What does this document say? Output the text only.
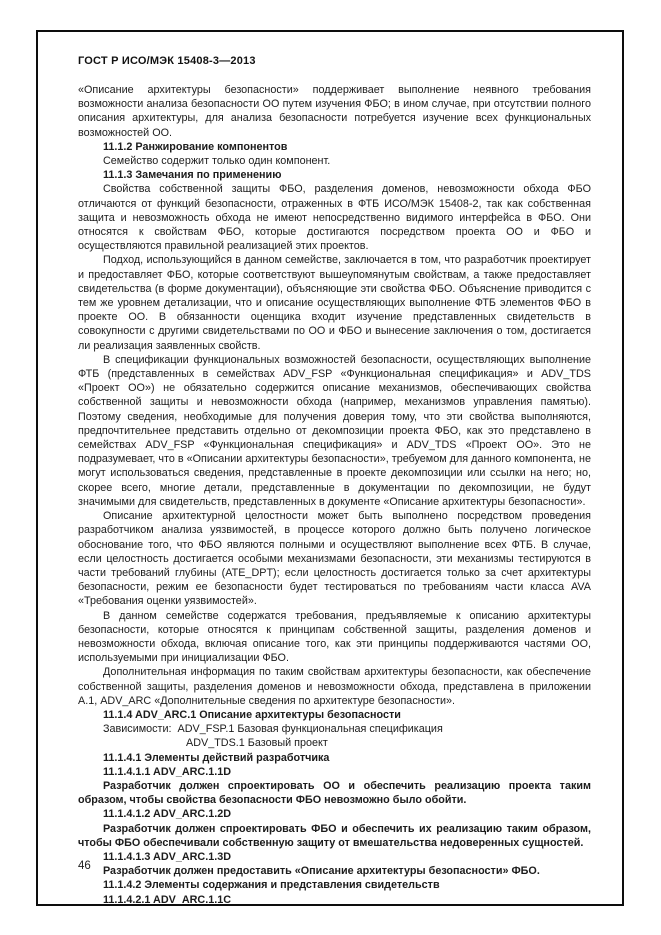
ГОСТ Р ИСО/МЭК 15408-3—2013

«Описание архитектуры безопасности» поддерживает выполнение неявного требования возможности анализа безопасности ОО путем изучения ФБО; в ином случае, при отсутствии полного описания архитектуры, для анализа безопасности потребуется изучение всех функциональных возможностей ОО.

11.1.2 Ранжирование компонентов

Семейство содержит только один компонент.

11.1.3 Замечания по применению

Свойства собственной защиты ФБО, разделения доменов, невозможности обхода ФБО отличаются от функций безопасности, отраженных в ФТБ ИСО/МЭК 15408-2, так как собственная защита и невозможность обхода не имеют непосредственно видимого интерфейса в ФБО. Они относятся к свойствам ФБО, которые достигаются посредством проекта ОО и ФБО и осуществляются правильной реализацией этих проектов.

Подход, использующийся в данном семействе, заключается в том, что разработчик проектирует и предоставляет ФБО, которые соответствуют вышеупомянутым свойствам, а также предоставляет свидетельства (в форме документации), объясняющие эти свойства ФБО. Объяснение приводится с тем же уровнем детализации, что и описание осуществляющих выполнение ФТБ элементов ФБО в проекте ОО. В обязанности оценщика входит изучение представленных свидетельств в совокупности с другими свидетельствами по ОО и ФБО и вынесение заключения о том, достигается ли реализация заявленных свойств.

В спецификации функциональных возможностей безопасности, осуществляющих выполнение ФТБ (представленных в семействах ADV_FSP «Функциональная спецификация» и ADV_TDS «Проект ОО») не обязательно содержится описание механизмов, обеспечивающих свойства собственной защиты и невозможности обхода (например, механизмов управления памятью). Поэтому сведения, необходимые для получения доверия тому, что эти свойства выполняются, предпочтительнее представить отдельно от декомпозиции проекта ФБО, как это представлено в семействах ADV_FSP «Функциональная спецификация» и ADV_TDS «Проект ОО». Это не подразумевает, что в «Описании архитектуры безопасности», требуемом для данного компонента, не могут использоваться сведения, представленные в проекте декомпозиции или ссылки на него; но, скорее всего, многие детали, представленные в документации по декомпозиции, не будут значимыми для свидетельств, представленных в документе «Описание архитектуры безопасности».

Описание архитектурной целостности может быть выполнено посредством проведения разработчиком анализа уязвимостей, в процессе которого должно быть получено логическое обоснование того, что ФБО являются полными и осуществляют выполнение всех ФТБ. В случае, если целостность достигается особыми механизмами безопасности, эти механизмы тестируются в части требований глубины (ATE_DPT); если целостность достигается только за счет архитектуры безопасности, режим ее безопасности будет тестироваться по требованиям части класса AVA «Требования оценки уязвимостей».

В данном семействе содержатся требования, предъявляемые к описанию архитектуры безопасности, которые относятся к принципам собственной защиты, разделения доменов и невозможности обхода, включая описание того, как эти принципы поддерживаются частями ОО, используемыми при инициализации ФБО.

Дополнительная информация по таким свойствам архитектуры безопасности, как обеспечение собственной защиты, разделения доменов и невозможности обхода, представлена в приложении А.1, ADV_ARC «Дополнительные сведения по архитектуре безопасности».

11.1.4 ADV_ARC.1 Описание архитектуры безопасности

Зависимости:  ADV_FSP.1 Базовая функциональная спецификация

ADV_TDS.1 Базовый проект

11.1.4.1 Элементы действий разработчика

11.1.4.1.1 ADV_ARC.1.1D

Разработчик должен спроектировать ОО и обеспечить реализацию проекта таким образом, чтобы свойства безопасности ФБО невозможно было обойти.

11.1.4.1.2 ADV_ARC.1.2D

Разработчик должен спроектировать ФБО и обеспечить их реализацию таким образом, чтобы ФБО обеспечивали собственную защиту от вмешательства недоверенных сущностей.

11.1.4.1.3 ADV_ARC.1.3D

Разработчик должен предоставить «Описание архитектуры безопасности» ФБО.

11.1.4.2 Элементы содержания и представления свидетельств

11.1.4.2.1 ADV_ARC.1.1C

46
